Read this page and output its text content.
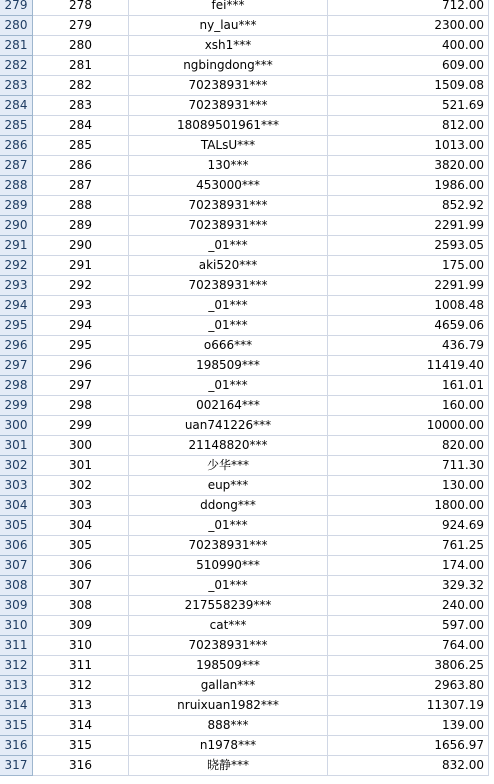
279	278	fei***	712.00
280	279	ny_lau***	2300.00
281	280	xsh1***	400.00
282	281	ngbingdong***	609.00
283	282	70238931***	1509.08
284	283	70238931***	521.69
285	284	18089501961***	812.00
286	285	TALsU***	1013.00
287	286	130***	3820.00
288	287	453000***	1986.00
289	288	70238931***	852.92
290	289	70238931***	2291.99
291	290	_01***	2593.05
292	291	aki520***	175.00
293	292	70238931***	2291.99
294	293	_01***	1008.48
295	294	_01***	4659.06
296	295	o666***	436.79
297	296	198509***	11419.40
298	297	_01***	161.01
299	298	002164***	160.00
300	299	uan741226***	10000.00
301	300	21148820***	820.00
302	301	少华***	711.30
303	302	eup***	130.00
304	303	ddong***	1800.00
305	304	_01***	924.69
306	305	70238931***	761.25
307	306	510990***	174.00
308	307	_01***	329.32
309	308	217558239***	240.00
310	309	cat***	597.00
311	310	70238931***	764.00
312	311	198509***	3806.25
313	312	gallan***	2963.80
314	313	nruixuan1982***	11307.19
315	314	888***	139.00
316	315	n1978***	1656.97
317	316	晓静***	832.00
